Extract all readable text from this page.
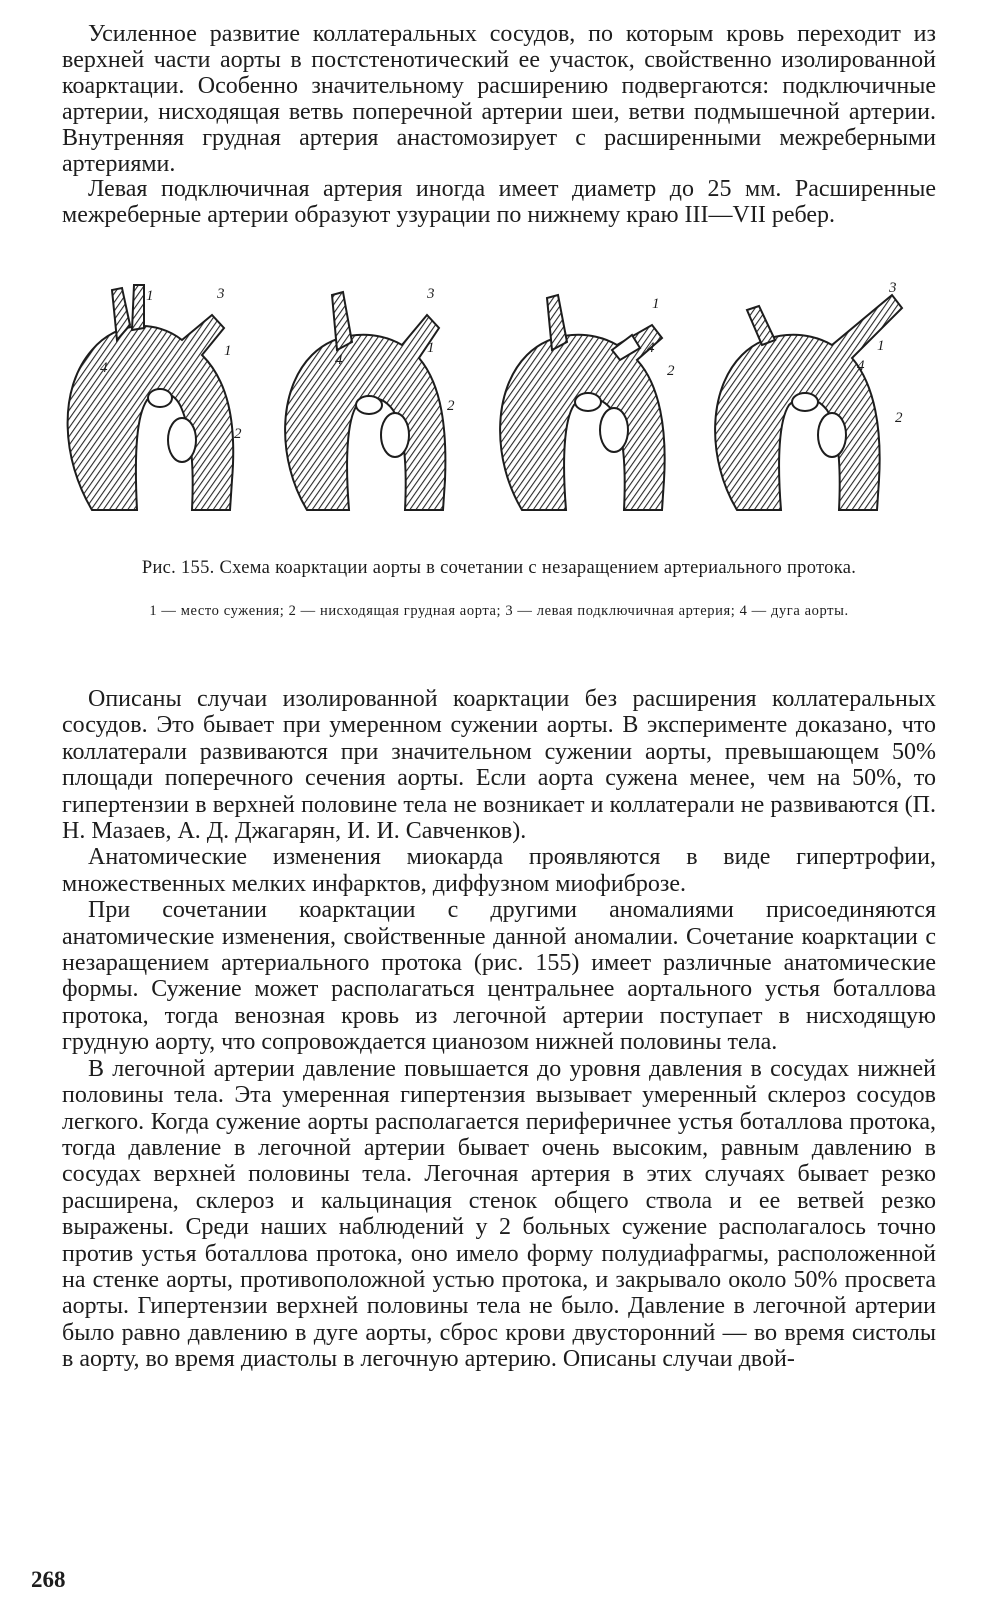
Усиленное развитие коллатеральных сосудов, по которым кровь переходит из верхней части аорты в постстенотический ее участок, свойственно изолированной коарктации. Особенно значительному расширению подвергаются: подключичные артерии, нисходящая ветвь поперечной артерии шеи, ветви подмышечной артерии. Внутренняя грудная артерия анастомозирует с расширенными межреберными артериями.

Левая подключичная артерия иногда имеет диаметр до 25 мм. Расширенные межреберные артерии образуют узурации по нижнему краю III—VII ребер.

1	3
1
2
4
3
1
2
4
1
2
4
3
1
2
4
Рис. 155. Схема коарктации аорты в сочетании с незаращением артериального протока.
1 — место сужения; 2 — нисходящая грудная аорта; 3 — левая подключичная артерия; 4 — дуга аорты.

Описаны случаи изолированной коарктации без расширения коллатеральных сосудов. Это бывает при умеренном сужении аорты. В эксперименте доказано, что коллатерали развиваются при значительном сужении аорты, превышающем 50% площади поперечного сечения аорты. Если аорта сужена менее, чем на 50%, то гипертензии в верхней половине тела не возникает и коллатерали не развиваются (П. Н. Мазаев, А. Д. Джагарян, И. И. Савченков).

Анатомические изменения миокарда проявляются в виде гипертрофии, множественных мелких инфарктов, диффузном миофиброзе.

При сочетании коарктации с другими аномалиями присоединяются анатомические изменения, свойственные данной аномалии. Сочетание коарктации с незаращением артериального протока (рис. 155) имеет различные анатомические формы. Сужение может располагаться центральнее аортального устья боталлова протока, тогда венозная кровь из легочной артерии поступает в нисходящую грудную аорту, что сопровождается цианозом нижней половины тела.

В легочной артерии давление повышается до уровня давления в сосудах нижней половины тела. Эта умеренная гипертензия вызывает умеренный склероз сосудов легкого. Когда сужение аорты располагается периферичнее устья боталлова протока, тогда давление в легочной артерии бывает очень высоким, равным давлению в сосудах верхней половины тела. Легочная артерия в этих случаях бывает резко расширена, склероз и кальцинация стенок общего ствола и ее ветвей резко выражены. Среди наших наблюдений у 2 больных сужение располагалось точно против устья боталлова протока, оно имело форму полудиафрагмы, расположенной на стенке аорты, противоположной устью протока, и закрывало около 50% просвета аорты. Гипертензии верхней половины тела не было. Давление в легочной артерии было равно давлению в дуге аорты, сброс крови двусторонний — во время систолы в аорту, во время диастолы в легочную артерию. Описаны случаи двой-

268
